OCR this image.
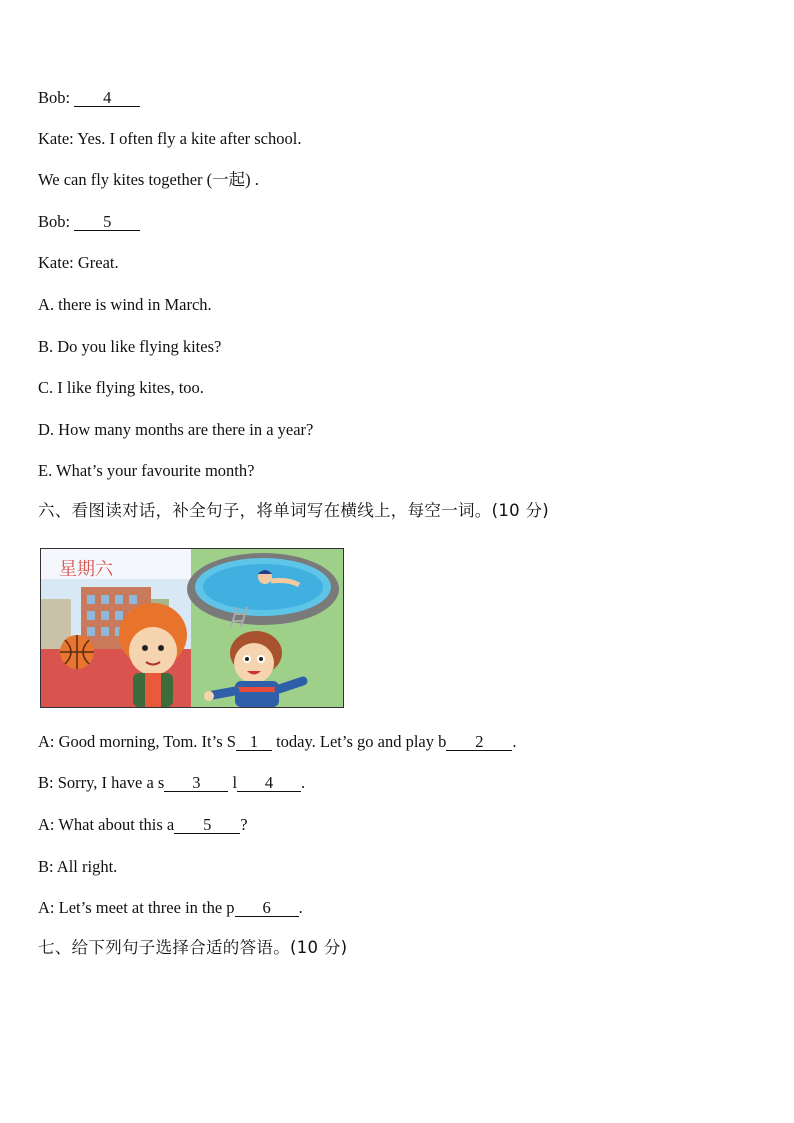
Bob: 4
Kate: Yes. I often fly a kite after school.
We can fly kites together (一起) .
Bob: 5
Kate: Great.
A. there is wind in March.
B. Do you like flying kites?
C. I like flying kites, too.
D. How many months are there in a year?
E. What’s your favourite month?
六、看图读对话，补全句子，将单词写在横线上，每空一词。(10 分)
星期六
A: Good morning, Tom. It’s S 1 today. Let’s go and play b 2 .
B: Sorry, I have a s 3 l 4 .
A: What about this a 5 ?
B: All right.
A: Let’s meet at three in the p 6 .
七、给下列句子选择合适的答语。(10 分)
